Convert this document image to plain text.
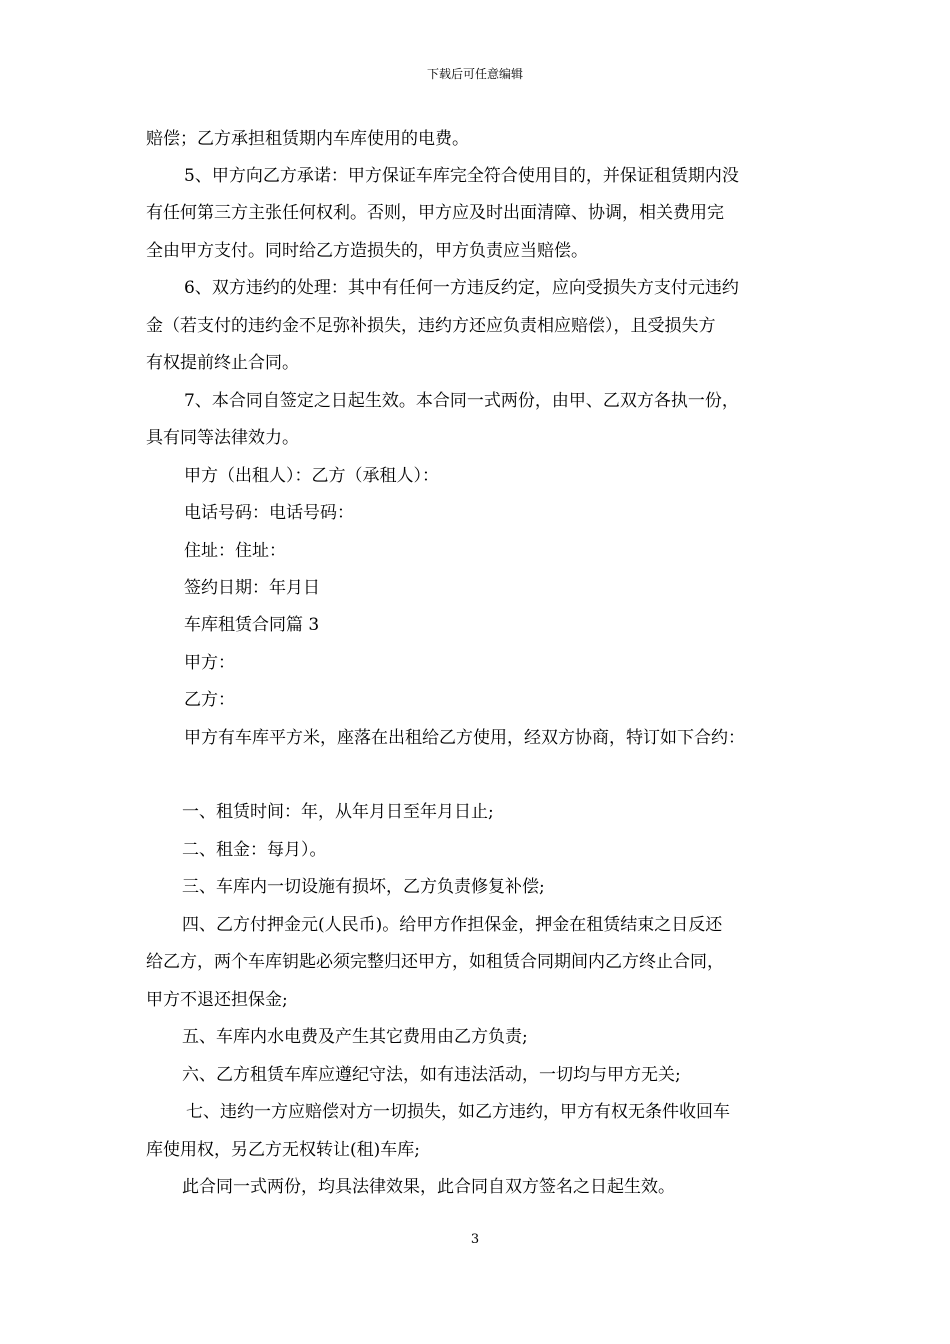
下载后可任意编辑
赔偿；乙方承担租赁期内车库使用的电费。
5、甲方向乙方承诺：甲方保证车库完全符合使用目的，并保证租赁期内没
有任何第三方主张任何权利。否则，甲方应及时出面清障、协调，相关费用完
全由甲方支付。同时给乙方造损失的，甲方负责应当赔偿。
6、双方违约的处理：其中有任何一方违反约定，应向受损失方支付元违约
金（若支付的违约金不足弥补损失，违约方还应负责相应赔偿），且受损失方
有权提前终止合同。
7、本合同自签定之日起生效。本合同一式两份，由甲、乙双方各执一份，
具有同等法律效力。
甲方（出租人）：乙方（承租人）：
电话号码：电话号码：
住址：住址：
签约日期：年月日
车库租赁合同篇 3
甲方：
乙方：
甲方有车库平方米，座落在出租给乙方使用，经双方协商，特订如下合约：
一、租赁时间：年，从年月日至年月日止;
二、租金：每月）。
三、车库内一切设施有损坏，乙方负责修复补偿;
四、乙方付押金元(人民币)。给甲方作担保金，押金在租赁结束之日反还
给乙方，两个车库钥匙必须完整归还甲方，如租赁合同期间内乙方终止合同，
甲方不退还担保金;
五、车库内水电费及产生其它费用由乙方负责;
六、乙方租赁车库应遵纪守法，如有违法活动，一切均与甲方无关;
七、违约一方应赔偿对方一切损失，如乙方违约，甲方有权无条件收回车
库使用权，另乙方无权转让(租)车库;
此合同一式两份，均具法律效果，此合同自双方签名之日起生效。
3
